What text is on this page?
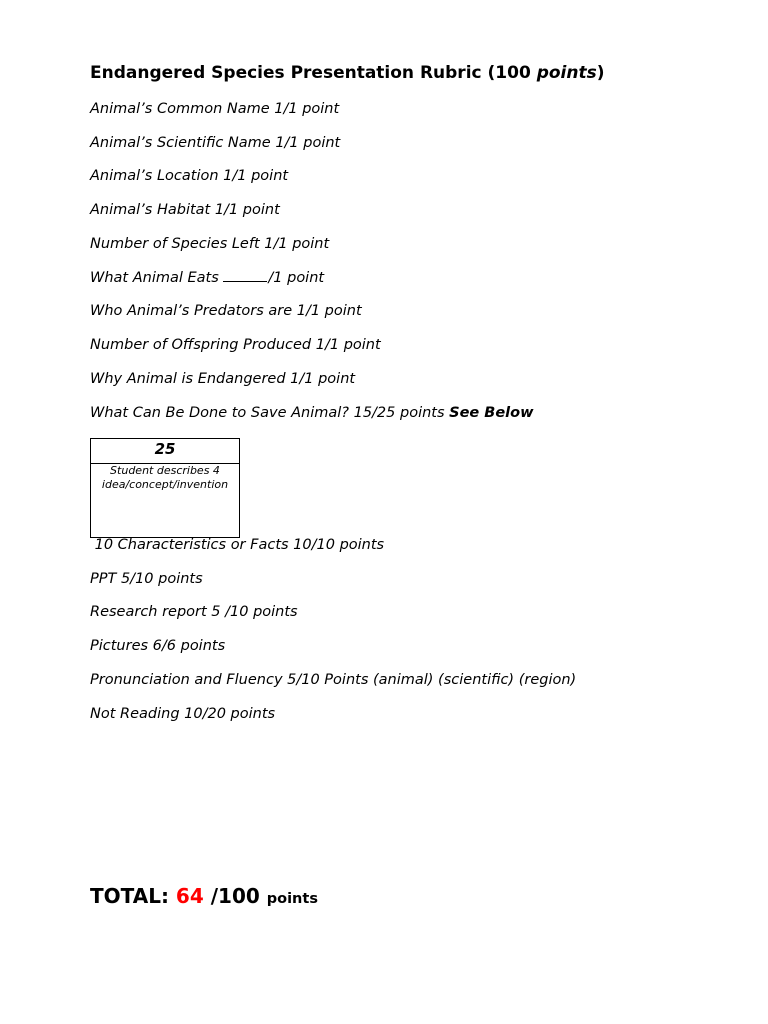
Endangered Species Presentation Rubric (100 points)
Animal’s Common Name 1/1 point
Animal’s Scientific Name 1/1 point
Animal’s Location 1/1 point
Animal’s Habitat 1/1 point
Number of Species Left 1/1 point
What Animal Eats	/1 point
Who Animal’s Predators are 1/1 point
Number of Offspring Produced 1/1 point
Why Animal is Endangered 1/1 point
What Can Be Done to Save Animal? 15/25 points See Below
25
Student describes 4 idea/concept/invention
10 Characteristics or Facts 10/10 points
PPT 5/10 points
Research report 5 /10 points
Pictures 6/6 points
Pronunciation and Fluency 5/10 Points (animal) (scientific) (region)
Not Reading 10/20 points
TOTAL: 64 /100 points
